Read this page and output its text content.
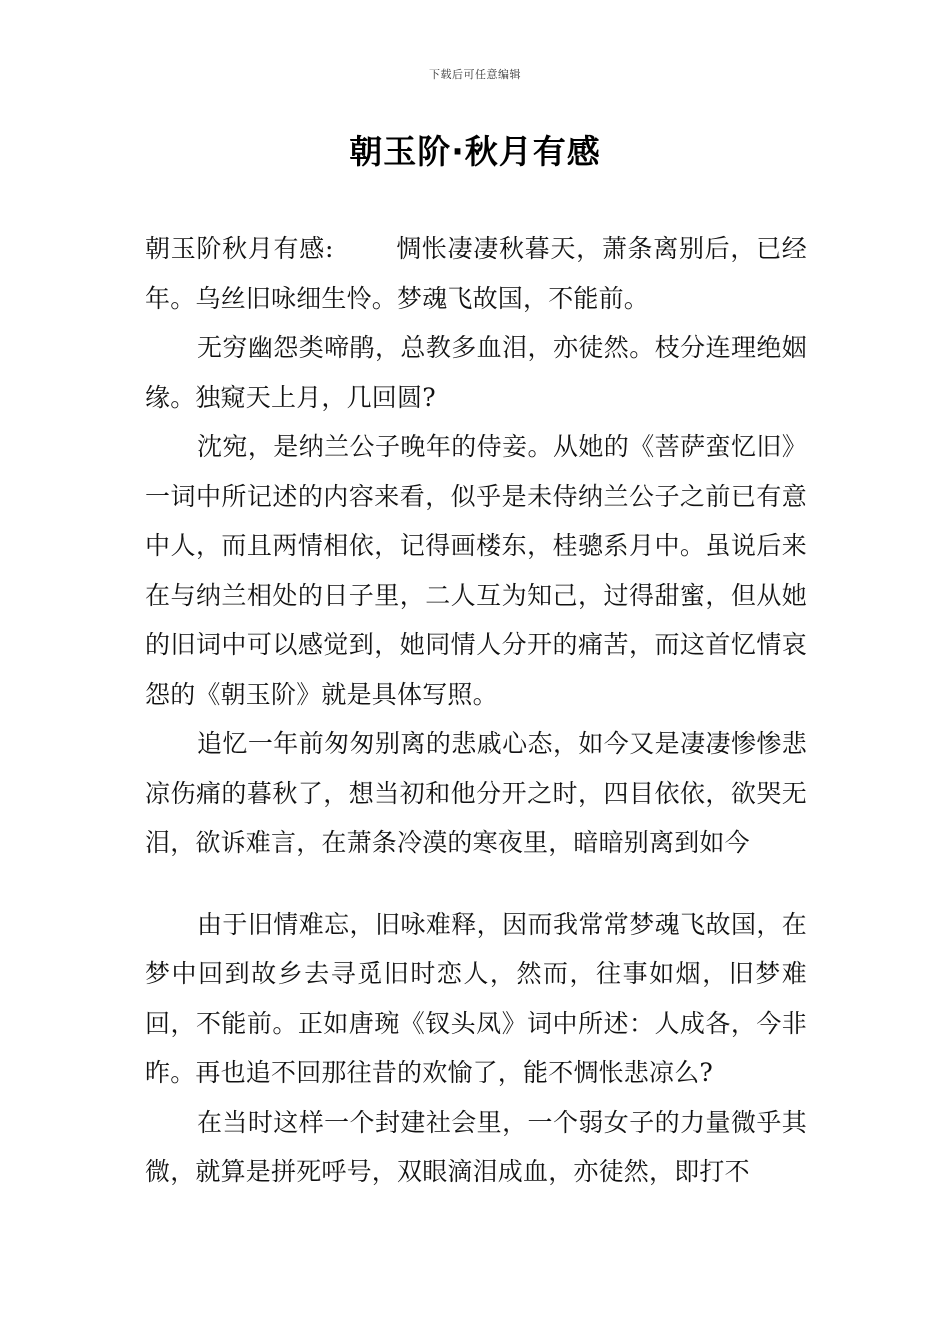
下载后可任意编辑
朝玉阶·秋月有感

朝玉阶秋月有感: 惆怅凄凄秋暮天，萧条离别后，已经年。乌丝旧咏细生怜。梦魂飞故国，不能前。

无穷幽怨类啼鹃，总教多血泪，亦徒然。枝分连理绝姻缘。独窥天上月，几回圆?

沈宛，是纳兰公子晚年的侍妾。从她的《菩萨蛮忆旧》一词中所记述的内容来看，似乎是未侍纳兰公子之前已有意中人，而且两情相依，记得画楼东，桂骢系月中。虽说后来在与纳兰相处的日子里，二人互为知己，过得甜蜜，但从她的旧词中可以感觉到，她同情人分开的痛苦，而这首忆情哀怨的《朝玉阶》就是具体写照。

追忆一年前匆匆别离的悲戚心态，如今又是凄凄惨惨悲凉伤痛的暮秋了，想当初和他分开之时，四目依依，欲哭无泪，欲诉难言，在萧条冷漠的寒夜里，暗暗别离到如今

由于旧情难忘，旧咏难释，因而我常常梦魂飞故国，在梦中回到故乡去寻觅旧时恋人，然而，往事如烟，旧梦难回，不能前。正如唐琬《钗头凤》词中所述：人成各，今非昨。再也追不回那往昔的欢愉了，能不惆怅悲凉么?

在当时这样一个封建社会里，一个弱女子的力量微乎其微，就算是拼死呼号，双眼滴泪成血，亦徒然，即打不
